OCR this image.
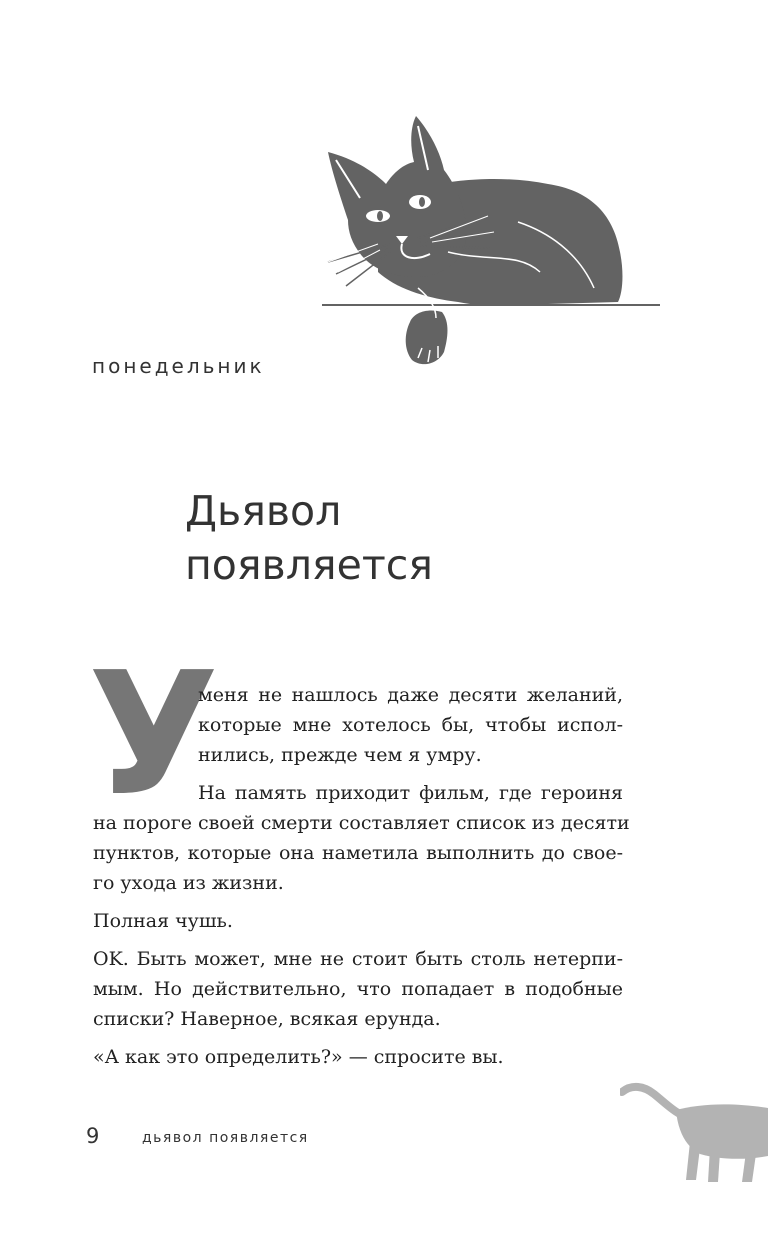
понедельник
Дьявол
появляется
У
меня не нашлось даже десяти желаний,
которые мне хотелось бы, чтобы испол-
нились, прежде чем я умру.
На память приходит фильм, где героиня
на пороге своей смерти составляет список из десяти
пунктов, которые она наметила выполнить до свое-
го ухода из жизни.
Полная чушь.
OK. Быть может, мне не стоит быть столь нетерпи-
мым. Но действительно, что попадает в подобные
списки? Наверное, всякая ерунда.
«А как это определить?» — спросите вы.
9	дьявол появляется
